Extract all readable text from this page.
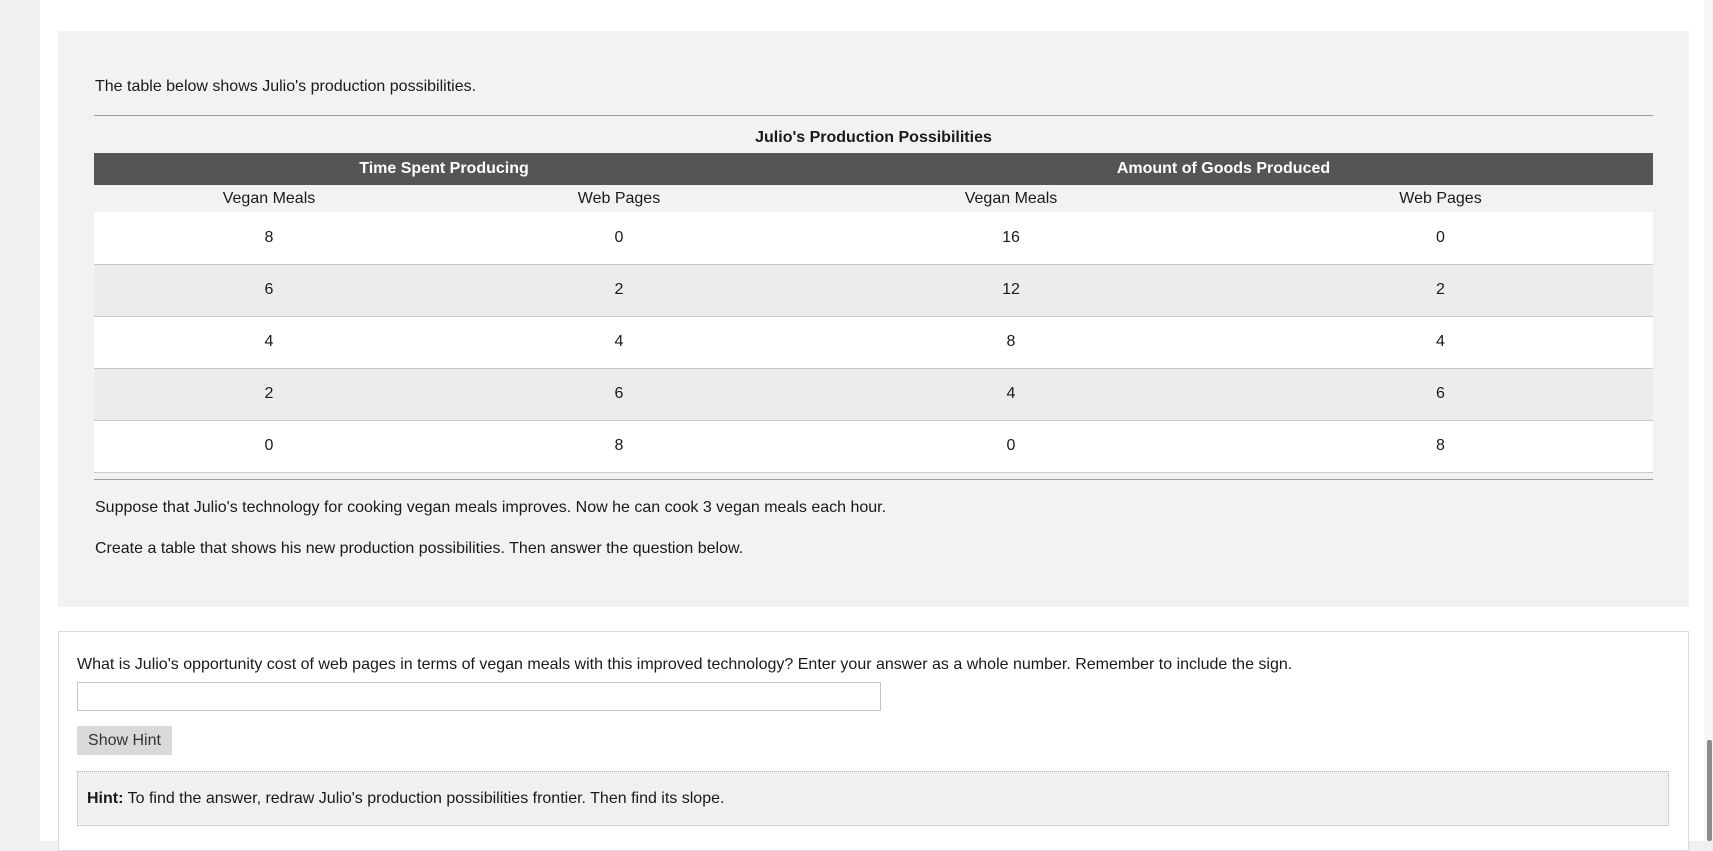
The table below shows Julio's production possibilities.
Julio's Production Possibilities
Time Spent Producing		Amount of Goods Produced	
Vegan Meals	Web Pages	Vegan Meals	Web Pages
8	0	16	0
6	2	12	2
4	4	8	4
2	6	4	6
0	8	0	8
Suppose that Julio's technology for cooking vegan meals improves. Now he can cook 3 vegan meals each hour.
Create a table that shows his new production possibilities. Then answer the question below.
What is Julio's opportunity cost of web pages in terms of vegan meals with this improved technology? Enter your answer as a whole number. Remember to include the sign.
Show Hint
Hint: To find the answer, redraw Julio's production possibilities frontier. Then find its slope.
